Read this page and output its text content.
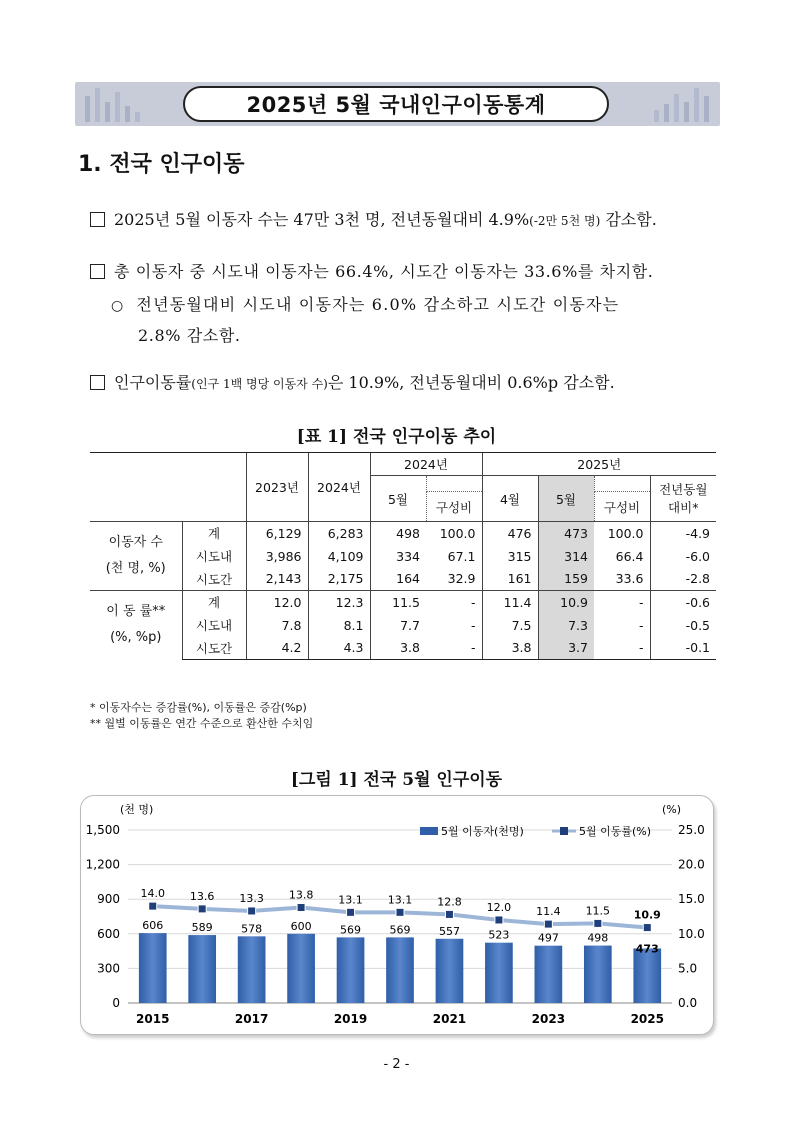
2025년 5월 국내인구이동통계
1. 전국 인구이동
2025년 5월 이동자 수는 47만 3천 명, 전년동월대비 4.9%(-2만 5천 명) 감소함.
총 이동자 중 시도내 이동자는 66.4%, 시도간 이동자는 33.6%를 차지함.
○ 전년동월대비 시도내 이동자는 6.0% 감소하고 시도간 이동자는
2.8% 감소함.
인구이동률(인구 1백 명당 이동자 수)은 10.9%, 전년동월대비 0.6%p 감소함.
[표 1] 전국 인구이동 추이
		2023년	2024년	2024년		2025년			
				5월		4월	5월		전년동월 대비*
					구성비			구성비	

이동자 수
(천 명, %)	계	6,129	6,283	498	100.0	476	473	100.0	-4.9
	시도내	3,986	4,109	334	67.1	315	314	66.4	-6.0
	시도간	2,143	2,175	164	32.9	161	159	33.6	-2.8

이 동 률**
(%, %p)	계	12.0	12.3	11.5	-	11.4	10.9	-	-0.6
	시도내	7.8	8.1	7.7	-	7.5	7.3	-	-0.5
	시도간	4.2	4.3	3.8	-	3.8	3.7	-	-0.1
* 이동자수는 증감률(%), 이동률은 증감(%p)
** 월별 이동률은 연간 수준으로 환산한 수치임
[그림 1] 전국 5월 인구이동
0
300
600
900
1,200
1,500
0.0
5.0
10.0
15.0
20.0
25.0
(천 명)	(%)
606	589	578	600	569	569	557	523	497	498
473
14.0 13.6 13.3 13.8 13.1 13.1 12.8 12.0 11.4 11.5 10.9
2015	2017	2019	2021	2023	2025
5월 이동자(천명)	5월 이동률(%)
- 2 -
